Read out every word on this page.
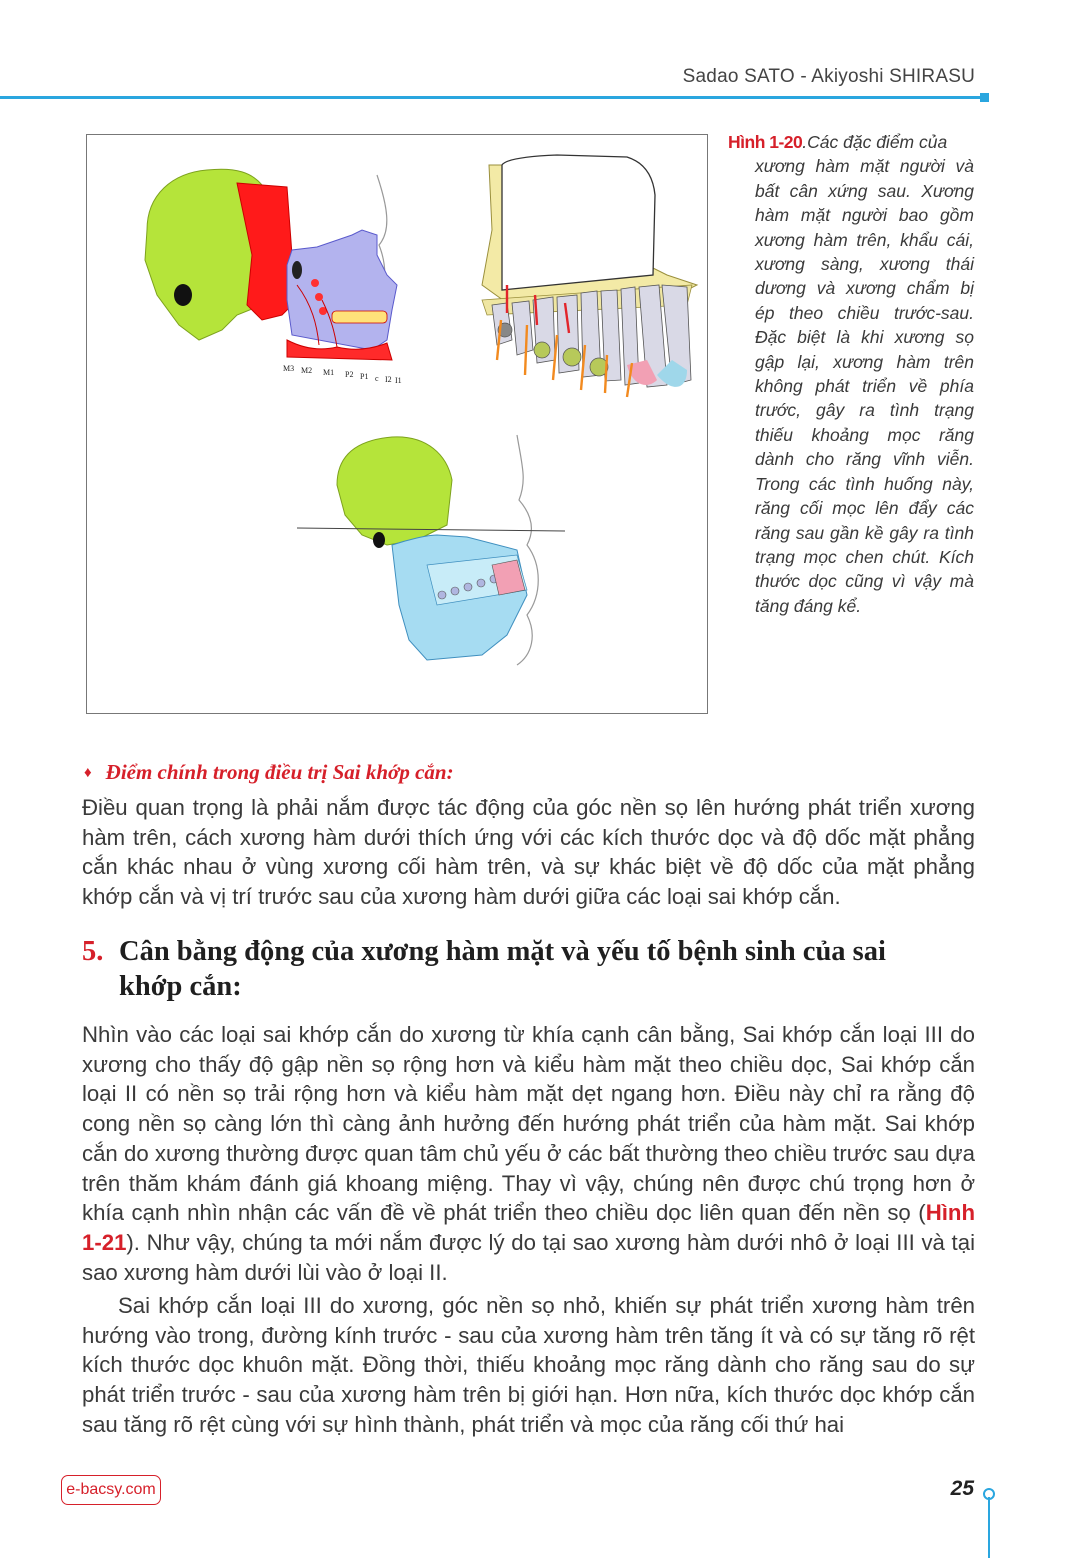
Sadao SATO - Akiyoshi SHIRASU
M3 M2 M1 P2 P1 c I2 I1
Hình 1-20.Các đặc điểm của
xương hàm mặt người và bất cân xứng sau. Xương hàm mặt người bao gồm xương hàm trên, khẩu cái, xương sàng, xương thái dương và xương chẩm bị ép theo chiều trước-sau. Đặc biệt là khi xương sọ gập lại, xương hàm trên không phát triển về phía trước, gây ra tình trạng thiếu khoảng mọc răng dành cho răng vĩnh viễn. Trong các tình huống này, răng cối mọc lên đẩy các răng sau gần kề gây ra tình trạng mọc chen chút. Kích thước dọc cũng vì vậy mà tăng đáng kể.
♦ Điểm chính trong điều trị Sai khớp cắn:

Điều quan trọng là phải nắm được tác động của góc nền sọ lên hướng phát triển xương hàm trên, cách xương hàm dưới thích ứng với các kích thước dọc và độ dốc mặt phẳng cắn khác nhau ở vùng xương cối hàm trên, và sự khác biệt về độ dốc của mặt phẳng khớp cắn và vị trí trước sau của xương hàm dưới giữa các loại sai khớp cắn.

5. Cân bằng động của xương hàm mặt và yếu tố bệnh sinh của sai
khớp cắn:

Nhìn vào các loại sai khớp cắn do xương từ khía cạnh cân bằng, Sai khớp cắn loại III do xương cho thấy độ gập nền sọ rộng hơn và kiểu hàm mặt theo chiều dọc, Sai khớp cắn loại II có nền sọ trải rộng hơn và kiểu hàm mặt dẹt ngang hơn. Điều này chỉ ra rằng độ cong nền sọ càng lớn thì càng ảnh hưởng đến hướng phát triển của hàm mặt. Sai khớp cắn do xương thường được quan tâm chủ yếu ở các bất thường theo chiều trước sau dựa trên thăm khám đánh giá khoang miệng. Thay vì vậy, chúng nên được chú trọng hơn ở khía cạnh nhìn nhận các vấn đề về phát triển theo chiều dọc liên quan đến nền sọ (Hình 1-21). Như vậy, chúng ta mới nắm được lý do tại sao xương hàm dưới nhô ở loại III và tại sao xương hàm dưới lùi vào ở loại II.

Sai khớp cắn loại III do xương, góc nền sọ nhỏ, khiến sự phát triển xương hàm trên hướng vào trong, đường kính trước - sau của xương hàm trên tăng ít và có sự tăng rõ rệt kích thước dọc khuôn mặt. Đồng thời, thiếu khoảng mọc răng dành cho răng sau do sự phát triển trước - sau của xương hàm trên bị giới hạn. Hơn nữa, kích thước dọc khớp cắn sau tăng rõ rệt cùng với sự hình thành, phát triển và mọc của răng cối thứ hai

e-bacsy.com	25
